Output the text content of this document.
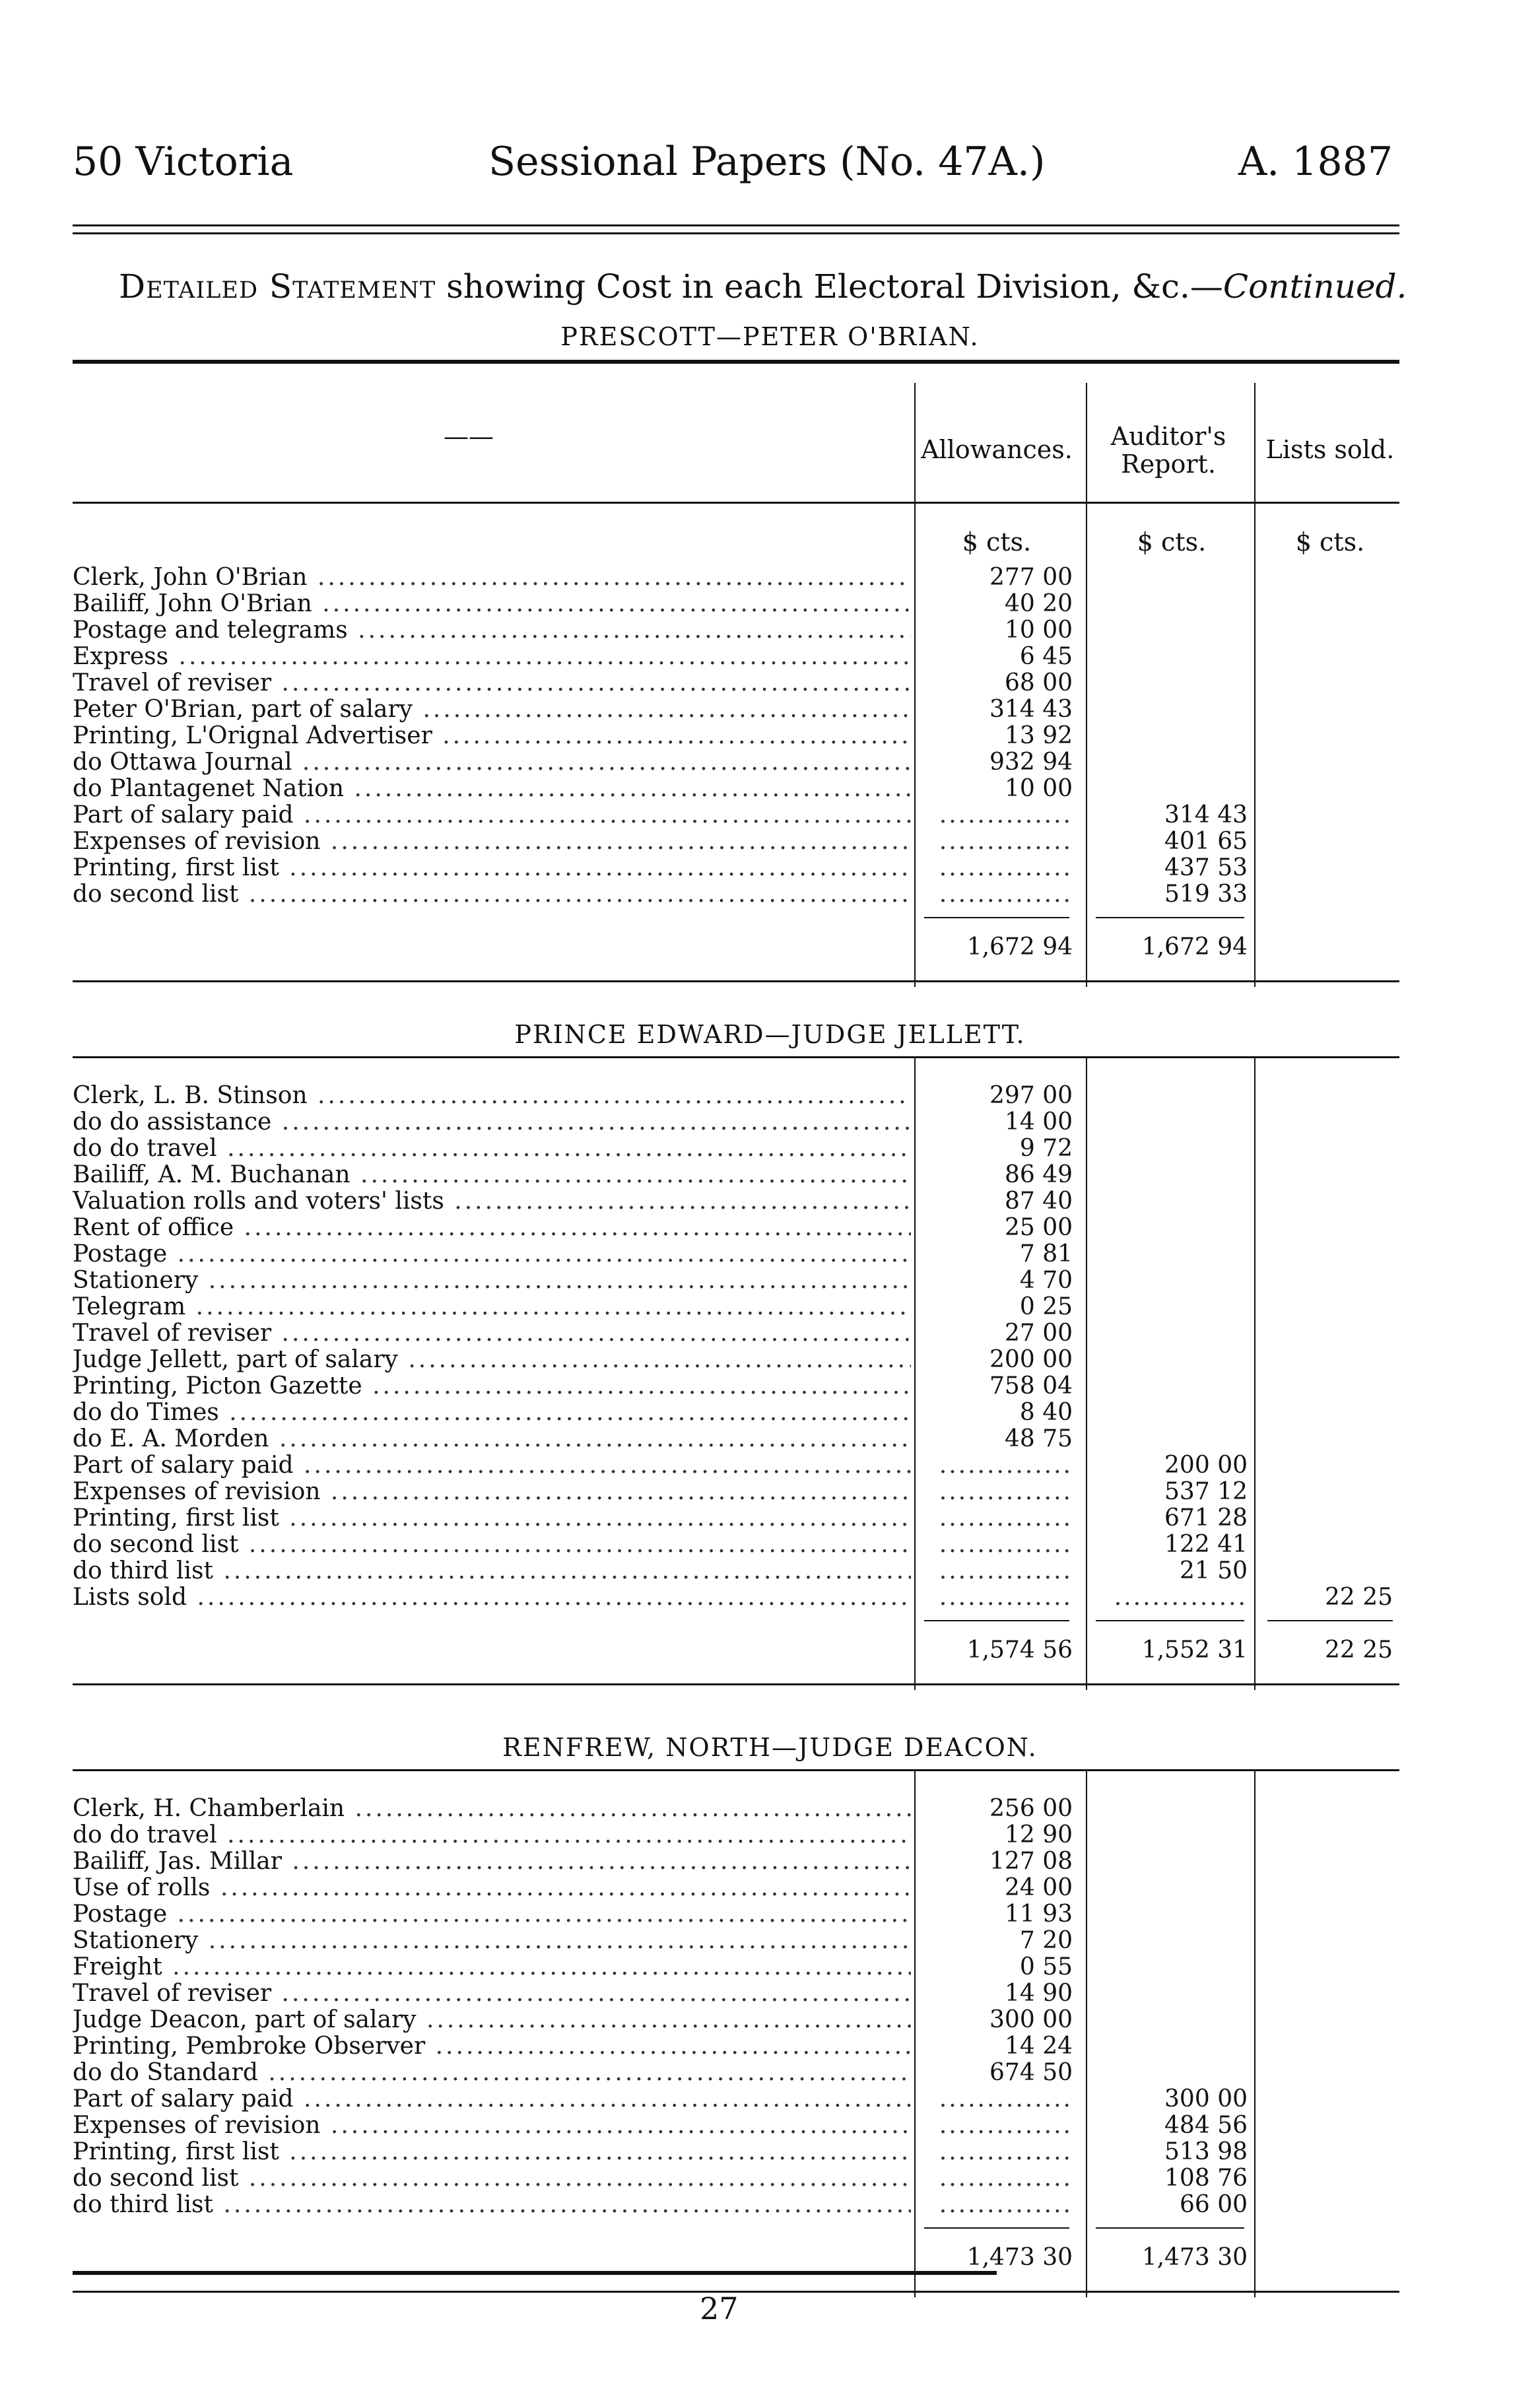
50 Victoria	Sessional Papers (No. 47A.)	A. 1887
Detailed Statement showing Cost in each Electoral Division, &c.—Continued.
PRESCOTT—PETER O'BRIAN.
——	Allowances.	Auditor's Report.	Lists sold.
$ cts.	$ cts.	$ cts.
Clerk, John O'Brian .....	277 00
Bailiff, John O'Brian .....	40 20
Postage and telegrams .....	10 00
Express .....	6 45
Travel of reviser .....	68 00
Peter O'Brian, part of salary .....	314 43
Printing, L'Orignal Advertiser .....	13 92
do Ottawa Journal .....	932 94
do Plantagenet Nation .....	10 00
Part of salary paid .....	..............	314 43
Expenses of revision .....	..............	401 65
Printing, first list .....	..............	437 53
do second list .....	..............	519 33
1,672 94	1,672 94
PRINCE EDWARD—JUDGE JELLETT.
Clerk, L. B. Stinson .....	297 00
do do assistance .....	14 00
do do travel .....	9 72
Bailiff, A. M. Buchanan .....	86 49
Valuation rolls and voters' lists .....	87 40
Rent of office .....	25 00
Postage .....	7 81
Stationery .....	4 70
Telegram .....	0 25
Travel of reviser .....	27 00
Judge Jellett, part of salary .....	200 00
Printing, Picton Gazette .....	758 04
do do Times .....	8 40
do E. A. Morden .....	48 75
Part of salary paid .....	..............	200 00
Expenses of revision .....	..............	537 12
Printing, first list .....	..............	671 28
do second list .....	..............	122 41
do third list .....	..............	21 50
Lists sold .....	..............	..............	22 25
1,574 56	1,552 31	22 25
RENFREW, NORTH—JUDGE DEACON.
Clerk, H. Chamberlain .....	256 00
do do travel .....	12 90
Bailiff, Jas. Millar .....	127 08
Use of rolls .....	24 00
Postage .....	11 93
Stationery .....	7 20
Freight .....	0 55
Travel of reviser .....	14 90
Judge Deacon, part of salary .....	300 00
Printing, Pembroke Observer .....	14 24
do do Standard .....	674 50
Part of salary paid .....	..............	300 00
Expenses of revision .....	..............	484 56
Printing, first list .....	..............	513 98
do second list .....	..............	108 76
do third list .....	..............	66 00
1,473 30	1,473 30
27
